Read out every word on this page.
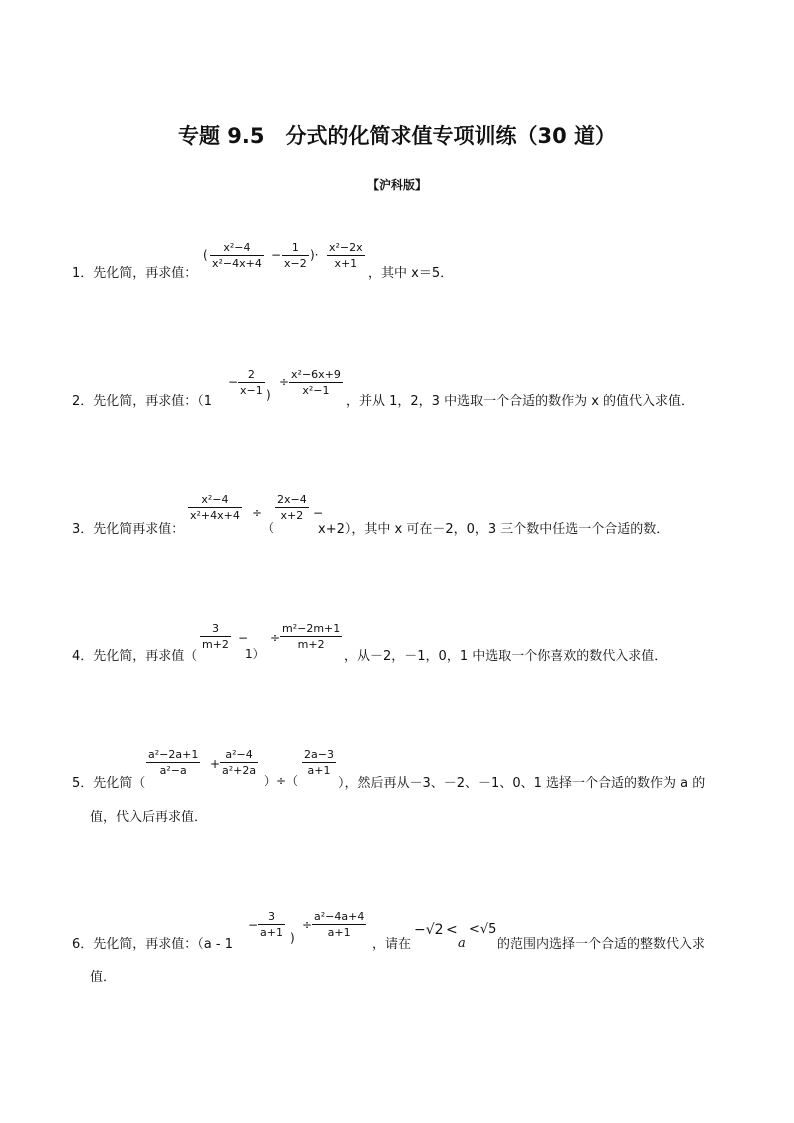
专题 9.5　分式的化简求值专项训练（30 道）
【沪科版】
1．先化简，再求值：
(
x²−4
x²−4x+4
−
1
x−2
)·
x²−2x
x+1
，其中 x＝5．
2．先化简，再求值：（1
−
2
x−1 )
÷
x²−6x+9
x²−1
，并从 1，2，3 中选取一个合适的数作为 x 的值代入求值．
3．先化简再求值：
x²−4
x²+4x+4 ÷
（
2x−4
x+2 −
x+2），其中 x 可在－2，0，3 三个数中任选一个合适的数．
4．先化简，再求值（
3
m+2 −
1）
÷
m²−2m+1
m+2
，从－2，－1，0，1 中选取一个你喜欢的数代入求值．
5．先化简（
a²−2a+1
a²−a +
a²−4
a²+2a
）÷（
2a−3
a+1
），然后再从－3、－2、－1、0、1 选择一个合适的数作为 a 的
值，代入后再求值．
6．先化简，再求值：（a - 1
−
3
a+1 )
÷
a²−4a+4
a+1
，请在
−√2 <
a
<√5
的范围内选择一个合适的整数代入求
值．
